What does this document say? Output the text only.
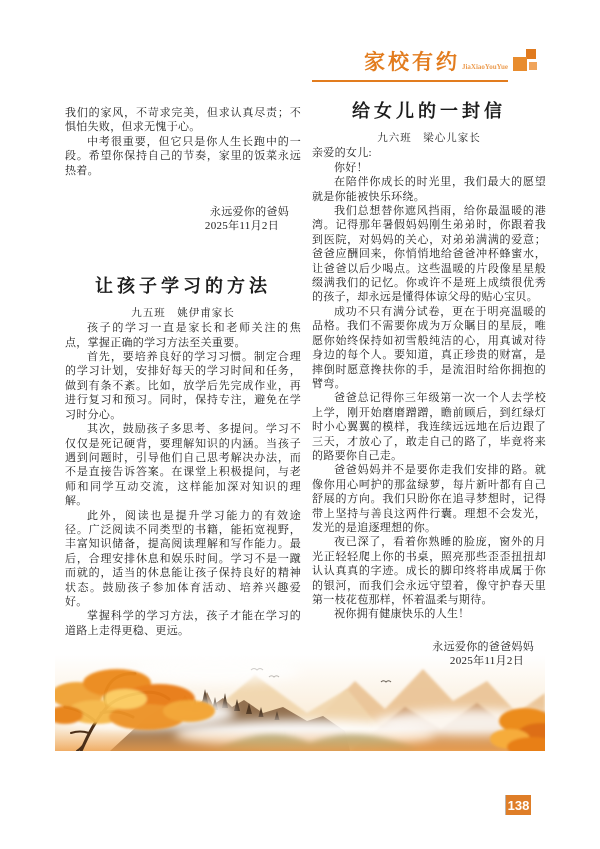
家校有约 JiaXiaoYouYue

我们的家风，不苛求完美，但求认真尽责；不惧怕失败，但求无愧于心。

中考很重要，但它只是你人生长跑中的一段。希望你保持自己的节奏，家里的饭菜永远热着。

永远爱你的爸妈
2025年11月2日
让孩子学习的方法
九五班　姚伊甫家长

孩子的学习一直是家长和老师关注的焦点，掌握正确的学习方法至关重要。

首先，要培养良好的学习习惯。制定合理的学习计划，安排好每天的学习时间和任务，做到有条不紊。比如，放学后先完成作业，再进行复习和预习。同时，保持专注，避免在学习时分心。

其次，鼓励孩子多思考、多提问。学习不仅仅是死记硬背，要理解知识的内涵。当孩子遇到问题时，引导他们自己思考解决办法，而不是直接告诉答案。在课堂上积极提问，与老师和同学互动交流，这样能加深对知识的理解。

此外，阅读也是提升学习能力的有效途径。广泛阅读不同类型的书籍，能拓宽视野，丰富知识储备，提高阅读理解和写作能力。最后，合理安排休息和娱乐时间。学习不是一蹴而就的，适当的休息能让孩子保持良好的精神状态。鼓励孩子参加体育活动、培养兴趣爱好。

掌握科学的学习方法，孩子才能在学习的道路上走得更稳、更远。

给女儿的一封信
九六班　梁心儿家长

亲爱的女儿:

你好！

在陪伴你成长的时光里，我们最大的愿望就是你能被快乐环绕。

我们总想替你遮风挡雨，给你最温暖的港湾。记得那年暑假妈妈刚生弟弟时，你跟着我到医院，对妈妈的关心，对弟弟满满的爱意；爸爸应酬回来，你悄悄地给爸爸冲杯蜂蜜水，让爸爸以后少喝点。这些温暖的片段像星星般缀满我们的记忆。你或许不是班上成绩很优秀的孩子，却永远是懂得体谅父母的贴心宝贝。

成功不只有满分试卷，更在于明亮温暖的品格。我们不需要你成为万众瞩目的星辰，唯愿你始终保持如初雪般纯洁的心，用真诚对待身边的每个人。要知道，真正珍贵的财富，是摔倒时愿意搀扶你的手，是流泪时给你拥抱的臂弯。

爸爸总记得你三年级第一次一个人去学校上学，刚开始磨磨蹭蹭，瞻前顾后，到红绿灯时小心翼翼的模样，我连续远远地在后边跟了三天，才放心了，敢走自己的路了，毕竟将来的路要你自己走。

爸爸妈妈并不是要你走我们安排的路。就像你用心呵护的那盆绿萝，每片新叶都有自己舒展的方向。我们只盼你在追寻梦想时，记得带上坚持与善良这两件行囊。理想不会发光，发光的是追逐理想的你。

夜已深了，看着你熟睡的脸庞，窗外的月光正轻轻爬上你的书桌，照亮那些歪歪扭扭却认认真真的字迹。成长的脚印终将串成属于你的银河，而我们会永远守望着，像守护春天里第一枝花苞那样，怀着温柔与期待。

祝你拥有健康快乐的人生！

永远爱你的爸爸妈妈
2025年11月2日
138
